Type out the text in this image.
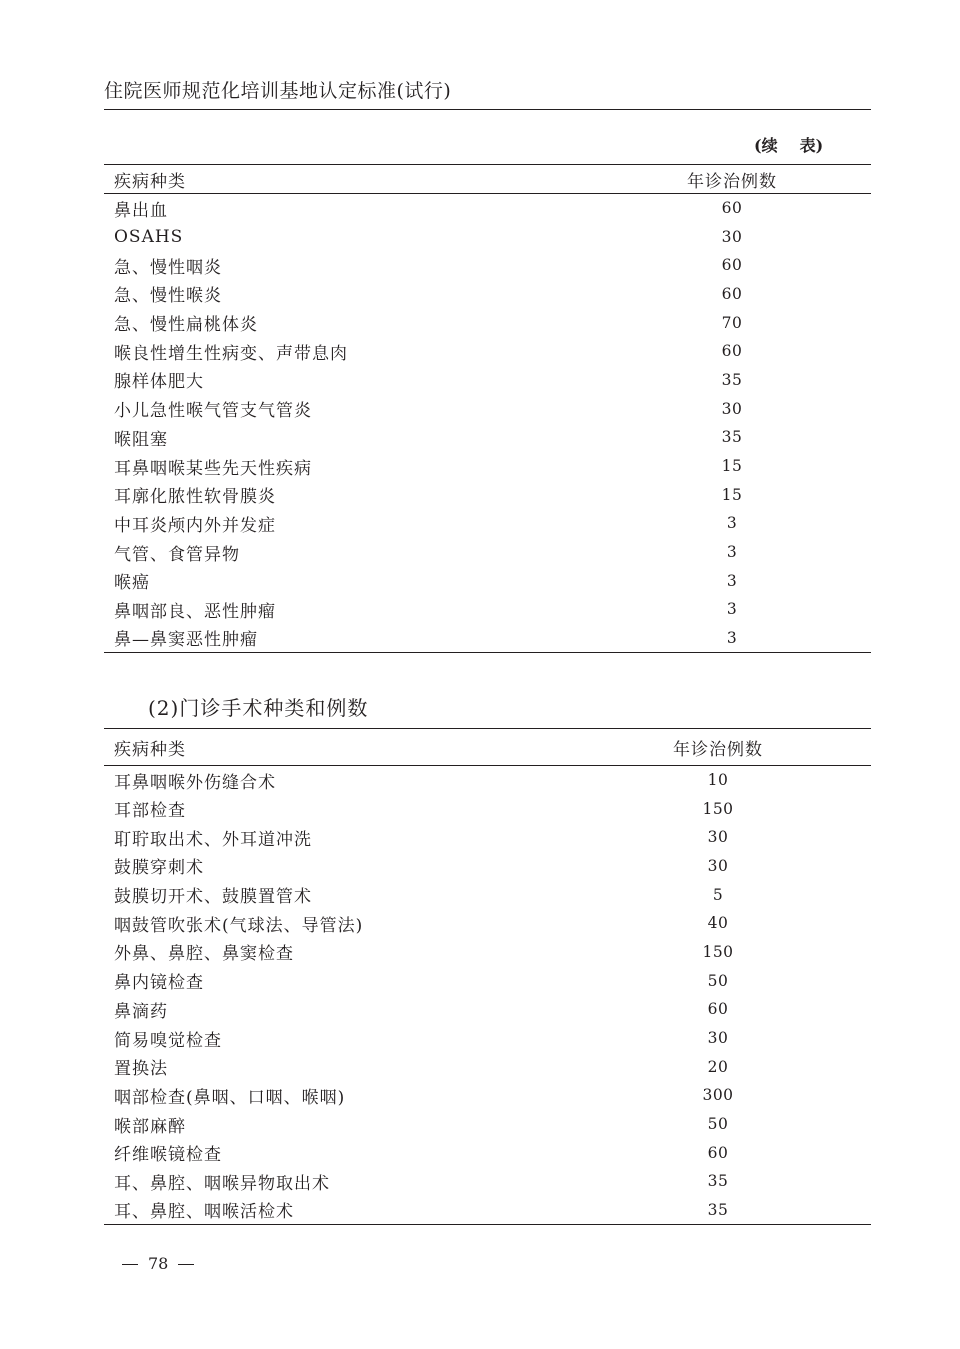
住院医师规范化培训基地认定标准(试行)
(续 表)
疾病种类	年诊治例数	
鼻出血	60	
OSAHS	30	
急、慢性咽炎	60	
急、慢性喉炎	60	
急、慢性扁桃体炎	70	
喉良性增生性病变、声带息肉	60	
腺样体肥大	35	
小儿急性喉气管支气管炎	30	
喉阻塞	35	
耳鼻咽喉某些先天性疾病	15	
耳廓化脓性软骨膜炎	15	
中耳炎颅内外并发症	3	
气管、食管异物	3	
喉癌	3	
鼻咽部良、恶性肿瘤	3	
鼻—鼻窦恶性肿瘤	3	
(2)门诊手术种类和例数
疾病种类	年诊治例数	
耳鼻咽喉外伤缝合术	10	
耳部检查	150	
耵聍取出术、外耳道冲洗	30	
鼓膜穿刺术	30	
鼓膜切开术、鼓膜置管术	5	
咽鼓管吹张术(气球法、导管法)	40	
外鼻、鼻腔、鼻窦检查	150	
鼻内镜检查	50	
鼻滴药	60	
简易嗅觉检查	30	
置换法	20	
咽部检查(鼻咽、口咽、喉咽)	300	
喉部麻醉	50	
纤维喉镜检查	60	
耳、鼻腔、咽喉异物取出术	35	
耳、鼻腔、咽喉活检术	35	
78
